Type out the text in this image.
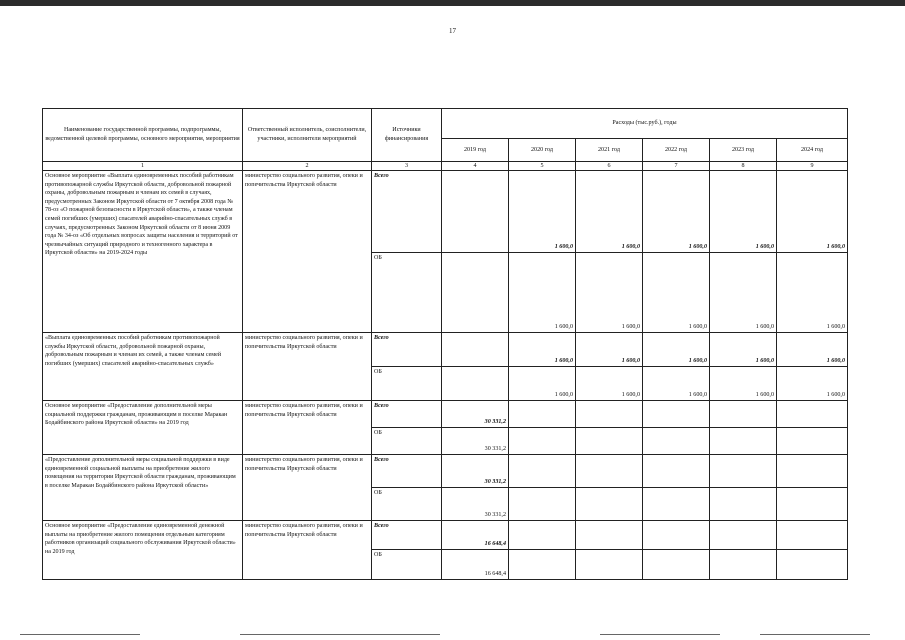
17
Наименование государственной программы, подпрограммы, ведомственной целевой программы, основного мероприятия, мероприятия	Ответственный исполнитель, соисполнители, участники, исполнители мероприятий	Источники финансирования	Расходы (тыс.руб.), годы					
			2019 год	2020 год	2021 год	2022 год	2023 год	2024 год
1	2	3	4	5	6	7	8	9
Основное мероприятие «Выплата единовременных пособий работникам противопожарной службы Иркутской области, добровольной пожарной охраны, добровольным пожарным и членам их семей в случаях, предусмотренных Законом Иркутской области от 7 октября 2008 года № 78-оз «О пожарной безопасности в Иркутской области», а также членам семей погибших (умерших) спасателей аварийно-спасательных служб в случаях, предусмотренных Законом Иркутской области от 8 июня 2009 года № 34-оз «Об отдельных вопросах защиты населения и территорий от чрезвычайных ситуаций природного и техногенного характера в Иркутской области» на 2019-2024 годы	министерство социального развития, опеки и попечительства Иркутской области	Всего		1 600,0	1 600,0	1 600,0	1 600,0	1 600,0
		ОБ		1 600,0	1 600,0	1 600,0	1 600,0	1 600,0
«Выплата единовременных пособий работникам противопожарной службы Иркутской области, добровольной пожарной охраны, добровольным пожарным и членам их семей, а также членам семей погибших (умерших) спасателей аварийно-спасательных служб»	министерство социального развития, опеки и попечительства Иркутской области	Всего		1 600,0	1 600,0	1 600,0	1 600,0	1 600,0
		ОБ		1 600,0	1 600,0	1 600,0	1 600,0	1 600,0
Основное мероприятие «Предоставление дополнительной меры социальной поддержки гражданам, проживающим в поселке Маракан Бодайбинского района Иркутской области» на 2019 год	министерство социального развития, опеки и попечительства Иркутской области	Всего	30 331,2					
		ОБ	30 331,2					
«Предоставление дополнительной меры социальной поддержки в виде единовременной социальной выплаты на приобретение жилого помещения на территории Иркутской области гражданам, проживающим в поселке Маракан Бодайбинского района Иркутской области»	министерство социального развития, опеки и попечительства Иркутской области	Всего	30 331,2					
		ОБ	30 331,2					
Основное мероприятие «Предоставление единовременной денежной выплаты на приобретение жилого помещения отдельным категориям работников организаций социального обслуживания Иркутской области» на 2019 год	министерство социального развития, опеки и попечительства Иркутской области	Всего	16 648,4					
		ОБ	16 648,4					
